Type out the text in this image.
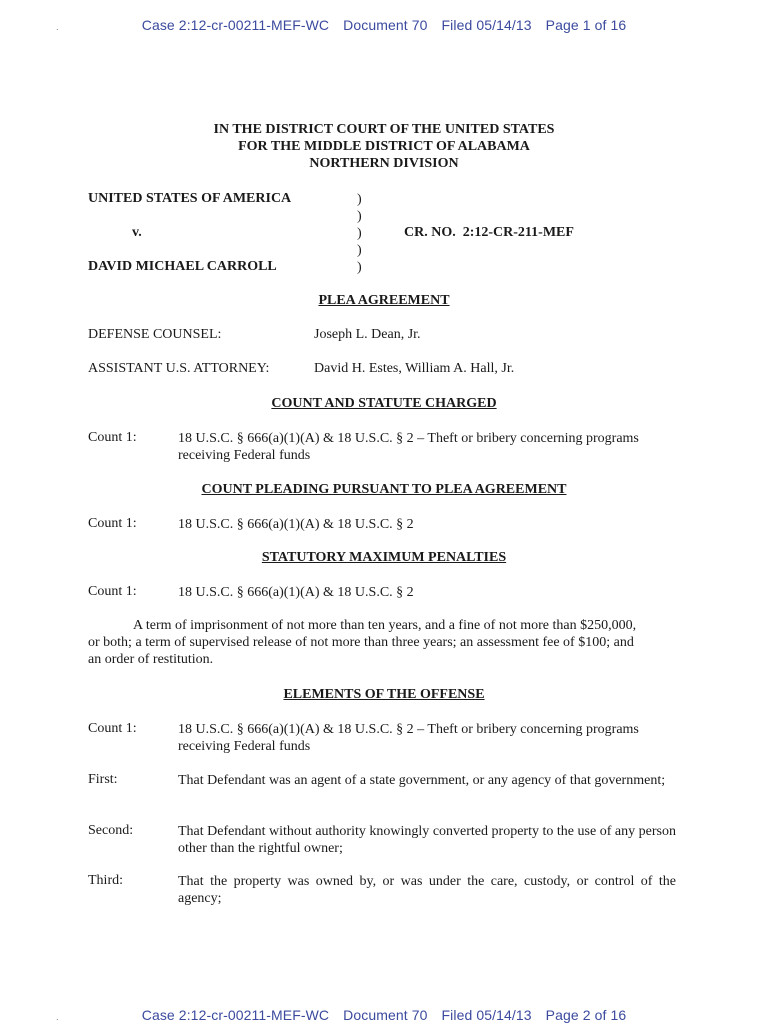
.	Case 2:12-cr-00211-MEF-WC Document 70 Filed 05/14/13 Page 1 of 16
IN THE DISTRICT COURT OF THE UNITED STATES
FOR THE MIDDLE DISTRICT OF ALABAMA
NORTHERN DIVISION
UNITED STATES OF AMERICA
v.
DAVID MICHAEL CARROLL
)
)
)
)
)
CR. NO.  2:12-CR-211-MEF
PLEA AGREEMENT
DEFENSE COUNSEL:	Joseph L. Dean, Jr.
ASSISTANT U.S. ATTORNEY:	David H. Estes, William A. Hall, Jr.
COUNT AND STATUTE CHARGED
Count 1:	18 U.S.C. § 666(a)(1)(A) & 18 U.S.C. § 2 – Theft or bribery concerning programs receiving Federal funds
COUNT PLEADING PURSUANT TO PLEA AGREEMENT
Count 1:	18 U.S.C. § 666(a)(1)(A) & 18 U.S.C. § 2
STATUTORY MAXIMUM PENALTIES
Count 1:	18 U.S.C. § 666(a)(1)(A) & 18 U.S.C. § 2
A term of imprisonment of not more than ten years, and a fine of not more than $250,000,
or both; a term of supervised release of not more than three years; an assessment fee of $100; and
an order of restitution.
ELEMENTS OF THE OFFENSE
Count 1:	18 U.S.C. § 666(a)(1)(A) & 18 U.S.C. § 2 – Theft or bribery concerning programs receiving Federal funds
First:	That Defendant was an agent of a state government, or any agency of that government;
Second:	That Defendant without authority knowingly converted property to the use of any person other than the rightful owner;
Third:	That the property was owned by, or was under the care, custody, or control of the agency;
.	Case 2:12-cr-00211-MEF-WC Document 70 Filed 05/14/13 Page 2 of 16
